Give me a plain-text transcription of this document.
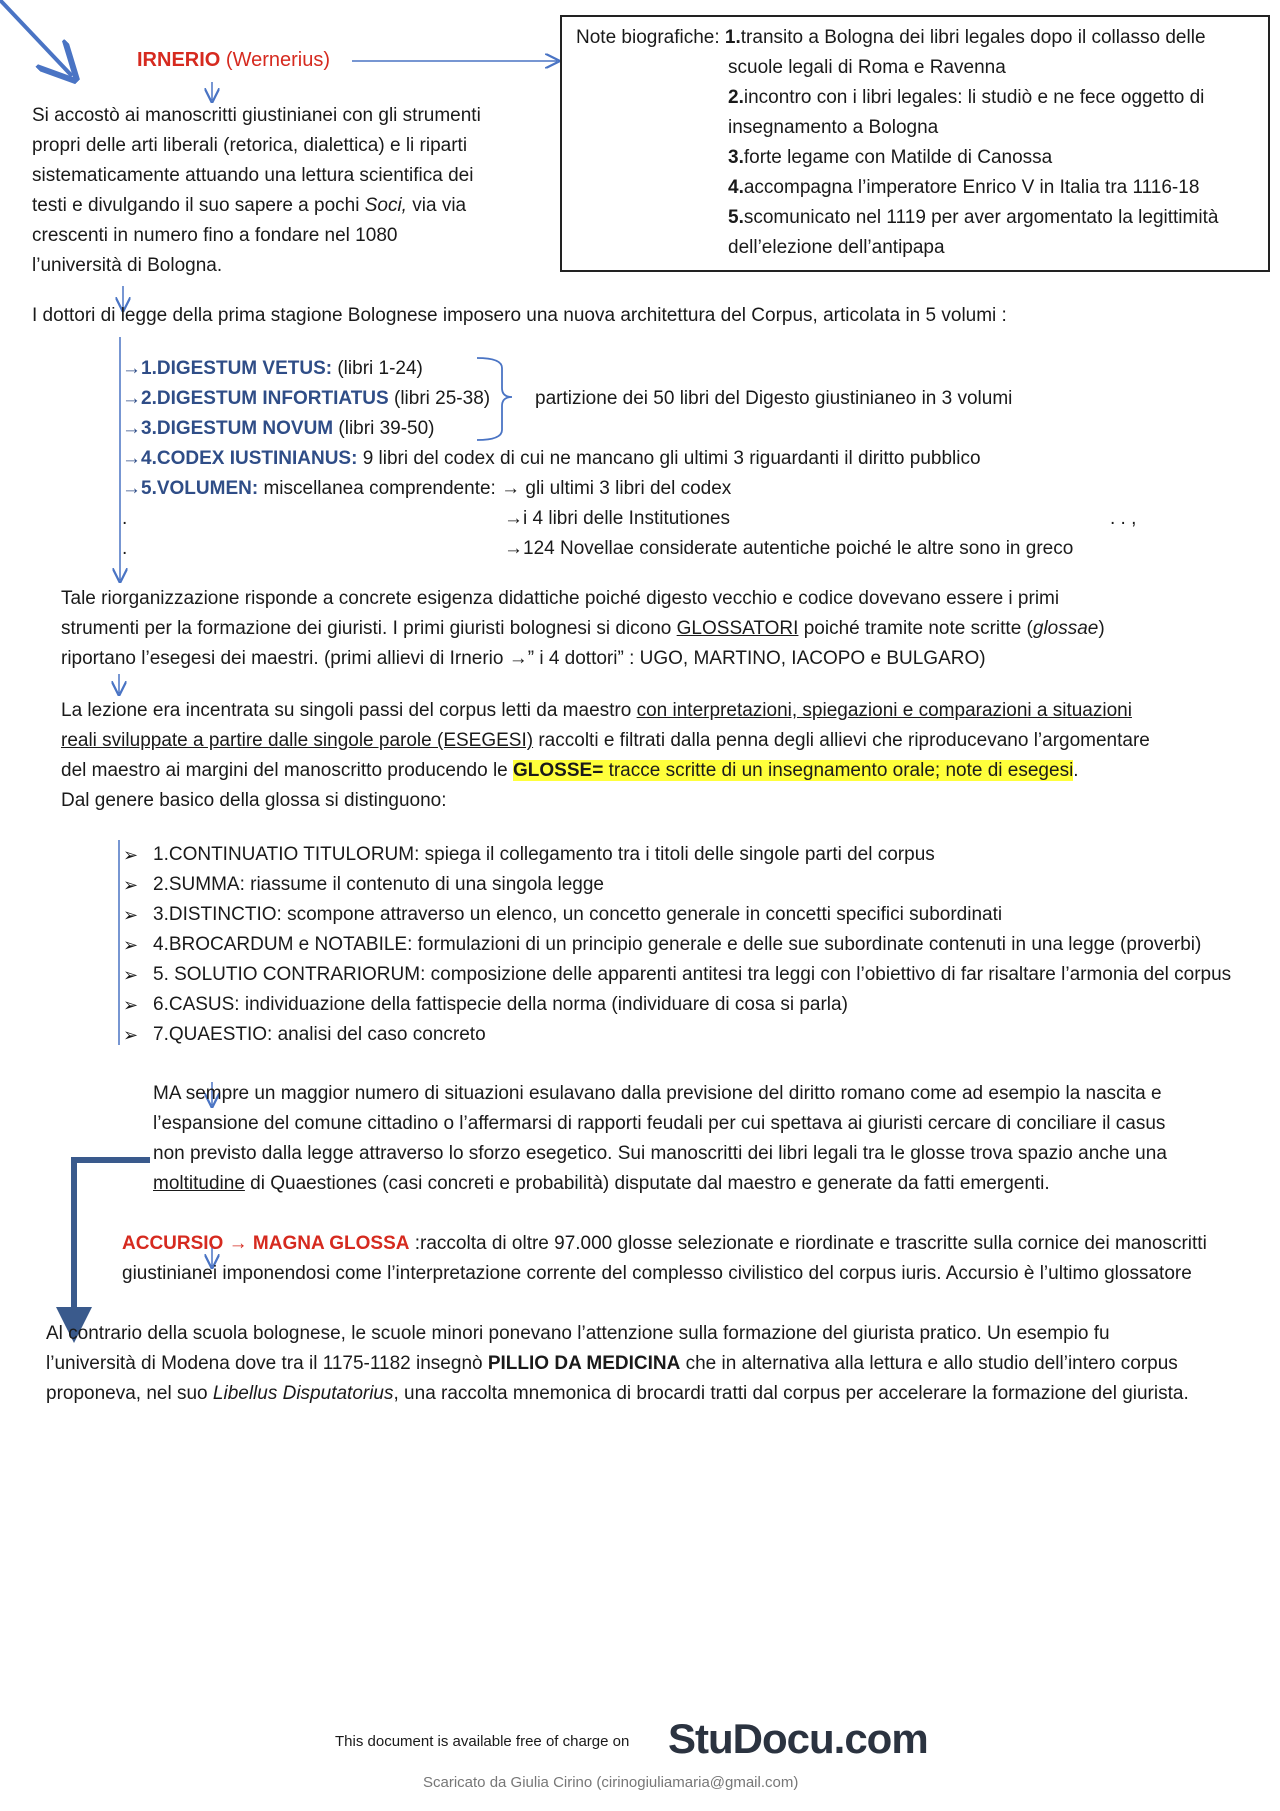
IRNERIO (Wernerius)
Si accostò ai manoscritti giustinianei con gli strumenti
propri delle arti liberali (retorica, dialettica) e li riparti
sistematicamente attuando una lettura scientifica dei
testi e divulgando il suo sapere a pochi Soci, via via
crescenti in numero fino a fondare nel 1080
l’università di Bologna.
Note biografiche: 1.transito a Bologna dei libri legales dopo il collasso delle
scuole legali di Roma e Ravenna
2.incontro con i libri legales: li studiò e ne fece oggetto di
insegnamento a Bologna
3.forte legame con Matilde di Canossa
4.accompagna l’imperatore Enrico V in Italia tra 1116-18
5.scomunicato nel 1119 per aver argomentato la legittimità
dell’elezione dell’antipapa
I dottori di legge della prima stagione Bolognese imposero una nuova architettura del Corpus, articolata in 5 volumi :
→1.DIGESTUM VETUS: (libri 1-24)
→2.DIGESTUM INFORTIATUS (libri 25-38)
→3.DIGESTUM NOVUM (libri 39-50)
→4.CODEX IUSTINIANUS: 9 libri del codex di cui ne mancano gli ultimi 3 riguardanti il diritto pubblico
→5.VOLUMEN: miscellanea comprendente: → gli ultimi 3 libri del codex
partizione dei 50 libri del Digesto giustinianeo in 3 volumi
.
.
→i 4 libri delle Institutiones
→124 Novellae considerate autentiche poiché le altre sono in greco
. . ,
Tale riorganizzazione risponde a concrete esigenza didattiche poiché digesto vecchio e codice dovevano essere i primi
strumenti per la formazione dei giuristi. I primi giuristi bolognesi si dicono GLOSSATORI poiché tramite note scritte (glossae)
riportano l’esegesi dei maestri. (primi allievi di Irnerio →” i 4 dottori” : UGO, MARTINO, IACOPO e BULGARO)
La lezione era incentrata su singoli passi del corpus letti da maestro con interpretazioni, spiegazioni e comparazioni a situazioni
reali sviluppate a partire dalle singole parole (ESEGESI) raccolti e filtrati dalla penna degli allievi che riproducevano l’argomentare
del maestro ai margini del manoscritto producendo le GLOSSE= tracce scritte di un insegnamento orale; note di esegesi.
Dal genere basico della glossa si distinguono:
➢ 1.CONTINUATIO TITULORUM: spiega il collegamento tra i titoli delle singole parti del corpus
➢ 2.SUMMA: riassume il contenuto di una singola legge
➢ 3.DISTINCTIO: scompone attraverso un elenco, un concetto generale in concetti specifici subordinati
➢ 4.BROCARDUM e NOTABILE: formulazioni di un principio generale e delle sue subordinate contenuti in una legge (proverbi)
➢ 5. SOLUTIO CONTRARIORUM: composizione delle apparenti antitesi tra leggi con l’obiettivo di far risaltare l’armonia del corpus
➢ 6.CASUS: individuazione della fattispecie della norma (individuare di cosa si parla)
➢ 7.QUAESTIO: analisi del caso concreto
MA sempre un maggior numero di situazioni esulavano dalla previsione del diritto romano come ad esempio la nascita e
l’espansione del comune cittadino o l’affermarsi di rapporti feudali per cui spettava ai giuristi cercare di conciliare il casus
non previsto dalla legge attraverso lo sforzo esegetico. Sui manoscritti dei libri legali tra le glosse trova spazio anche una
moltitudine di Quaestiones (casi concreti e probabilità) disputate dal maestro e generate da fatti emergenti.
ACCURSIO → MAGNA GLOSSA :raccolta di oltre 97.000 glosse selezionate e riordinate e trascritte sulla cornice dei manoscritti
giustinianei imponendosi come l’interpretazione corrente del complesso civilistico del corpus iuris. Accursio è l’ultimo glossatore
Al contrario della scuola bolognese, le scuole minori ponevano l’attenzione sulla formazione del giurista pratico. Un esempio fu
l’università di Modena dove tra il 1175-1182 insegnò PILLIO DA MEDICINA che in alternativa alla lettura e allo studio dell’intero corpus
proponeva, nel suo Libellus Disputatorius, una raccolta mnemonica di brocardi tratti dal corpus per accelerare la formazione del giurista.
This document is available free of charge on StuDocu.com
Scaricato da Giulia Cirino (cirinogiuliamaria@gmail.com)
